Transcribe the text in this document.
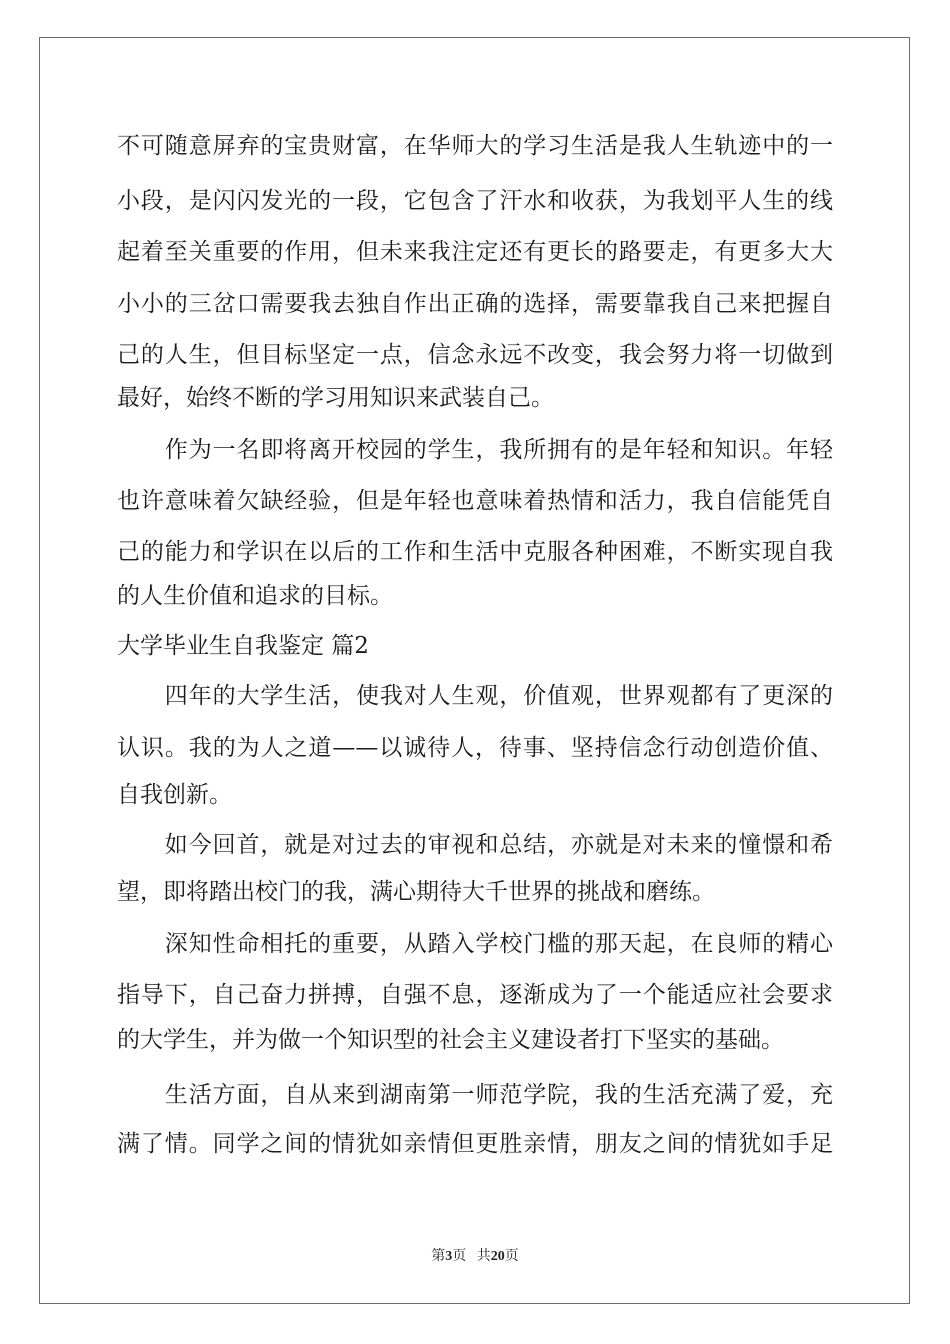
不可随意屏弃的宝贵财富，在华师大的学习生活是我人生轨迹中的一
小段，是闪闪发光的一段，它包含了汗水和收获，为我划平人生的线
起着至关重要的作用，但未来我注定还有更长的路要走，有更多大大
小小的三岔口需要我去独自作出正确的选择，需要靠我自己来把握自
己的人生，但目标坚定一点，信念永远不改变，我会努力将一切做到
最好，始终不断的学习用知识来武装自己。
　　作为一名即将离开校园的学生，我所拥有的是年轻和知识。年轻
也许意味着欠缺经验，但是年轻也意味着热情和活力，我自信能凭自
己的能力和学识在以后的工作和生活中克服各种困难，不断实现自我
的人生价值和追求的目标。
大学毕业生自我鉴定 篇2
　　四年的大学生活，使我对人生观，价值观，世界观都有了更深的
认识。我的为人之道——以诚待人，待事、坚持信念行动创造价值、
自我创新。
　　如今回首，就是对过去的审视和总结，亦就是对未来的憧憬和希
望，即将踏出校门的我，满心期待大千世界的挑战和磨练。
　　深知性命相托的重要，从踏入学校门槛的那天起，在良师的精心
指导下，自己奋力拼搏，自强不息，逐渐成为了一个能适应社会要求
的大学生，并为做一个知识型的社会主义建设者打下坚实的基础。
　　生活方面，自从来到湖南第一师范学院，我的生活充满了爱，充
满了情。同学之间的情犹如亲情但更胜亲情，朋友之间的情犹如手足
第3页 共20页
